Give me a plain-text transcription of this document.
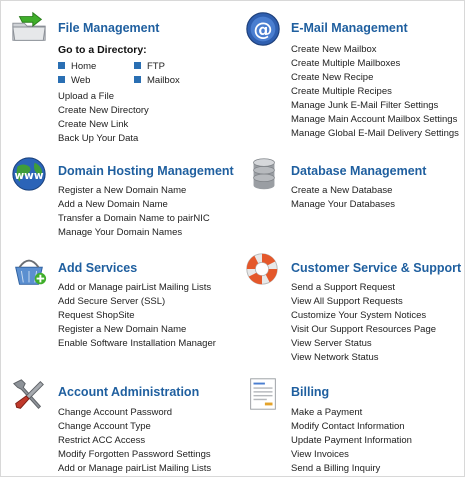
File Management
Go to a Directory:
Home	FTP
Web	Mailbox
Upload a File
Create New Directory
Create New Link
Back Up Your Data
@ E-Mail Management
Create New Mailbox
Create Multiple Mailboxes
Create New Recipe
Create Multiple Recipes
Manage Junk E-Mail Filter Settings
Manage Main Account Mailbox Settings
Manage Global E-Mail Delivery Settings
www Domain Hosting Management
Register a New Domain Name
Add a New Domain Name
Transfer a Domain Name to pairNIC
Manage Your Domain Names
Database Management
Create a New Database
Manage Your Databases
Add Services
Add or Manage pairList Mailing Lists
Add Secure Server (SSL)
Request ShopSite
Register a New Domain Name
Enable Software Installation Manager
Customer Service & Support
Send a Support Request
View All Support Requests
Customize Your System Notices
Visit Our Support Resources Page
View Server Status
View Network Status
Account Administration
Change Account Password
Change Account Type
Restrict ACC Access
Modify Forgotten Password Settings
Add or Manage pairList Mailing Lists
Billing
Make a Payment
Modify Contact Information
Update Payment Information
View Invoices
Send a Billing Inquiry
